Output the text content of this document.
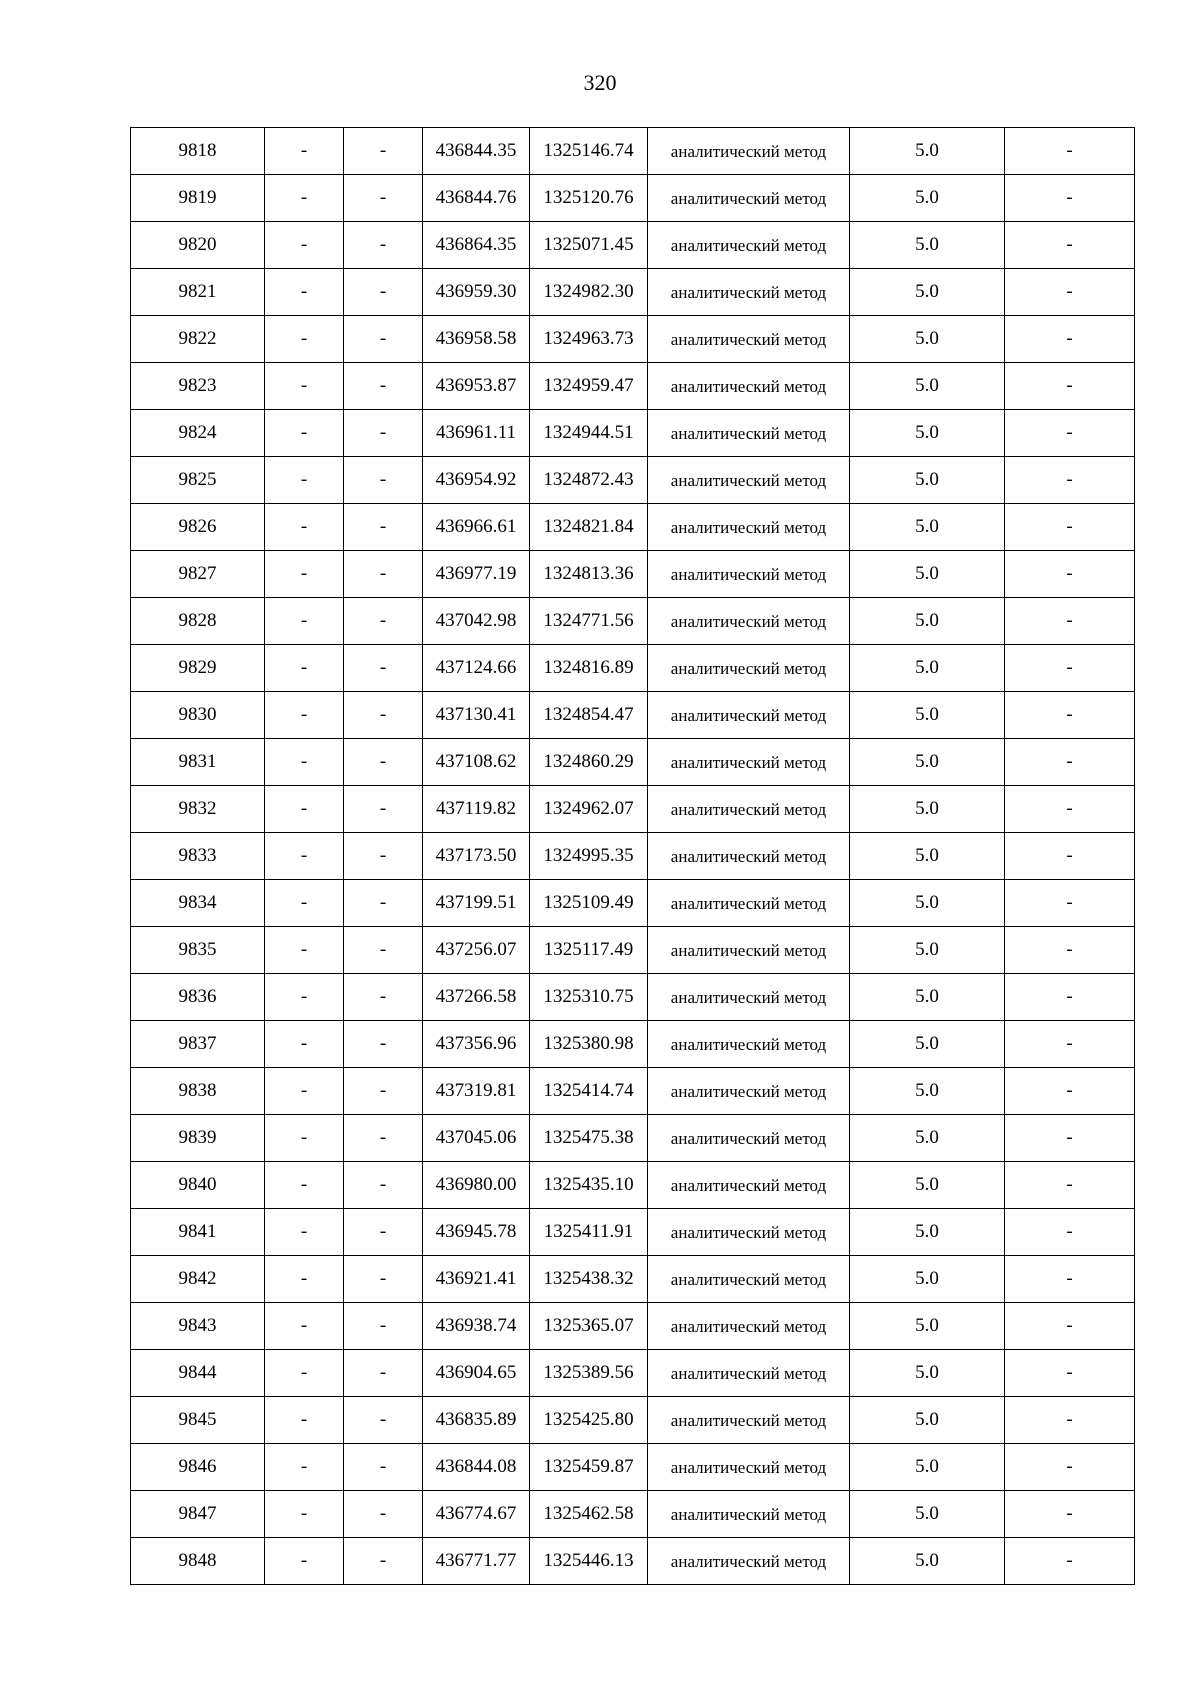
320
9818	-	-	436844.35	1325146.74	аналитический метод	5.0	-
9819	-	-	436844.76	1325120.76	аналитический метод	5.0	-
9820	-	-	436864.35	1325071.45	аналитический метод	5.0	-
9821	-	-	436959.30	1324982.30	аналитический метод	5.0	-
9822	-	-	436958.58	1324963.73	аналитический метод	5.0	-
9823	-	-	436953.87	1324959.47	аналитический метод	5.0	-
9824	-	-	436961.11	1324944.51	аналитический метод	5.0	-
9825	-	-	436954.92	1324872.43	аналитический метод	5.0	-
9826	-	-	436966.61	1324821.84	аналитический метод	5.0	-
9827	-	-	436977.19	1324813.36	аналитический метод	5.0	-
9828	-	-	437042.98	1324771.56	аналитический метод	5.0	-
9829	-	-	437124.66	1324816.89	аналитический метод	5.0	-
9830	-	-	437130.41	1324854.47	аналитический метод	5.0	-
9831	-	-	437108.62	1324860.29	аналитический метод	5.0	-
9832	-	-	437119.82	1324962.07	аналитический метод	5.0	-
9833	-	-	437173.50	1324995.35	аналитический метод	5.0	-
9834	-	-	437199.51	1325109.49	аналитический метод	5.0	-
9835	-	-	437256.07	1325117.49	аналитический метод	5.0	-
9836	-	-	437266.58	1325310.75	аналитический метод	5.0	-
9837	-	-	437356.96	1325380.98	аналитический метод	5.0	-
9838	-	-	437319.81	1325414.74	аналитический метод	5.0	-
9839	-	-	437045.06	1325475.38	аналитический метод	5.0	-
9840	-	-	436980.00	1325435.10	аналитический метод	5.0	-
9841	-	-	436945.78	1325411.91	аналитический метод	5.0	-
9842	-	-	436921.41	1325438.32	аналитический метод	5.0	-
9843	-	-	436938.74	1325365.07	аналитический метод	5.0	-
9844	-	-	436904.65	1325389.56	аналитический метод	5.0	-
9845	-	-	436835.89	1325425.80	аналитический метод	5.0	-
9846	-	-	436844.08	1325459.87	аналитический метод	5.0	-
9847	-	-	436774.67	1325462.58	аналитический метод	5.0	-
9848	-	-	436771.77	1325446.13	аналитический метод	5.0	-
